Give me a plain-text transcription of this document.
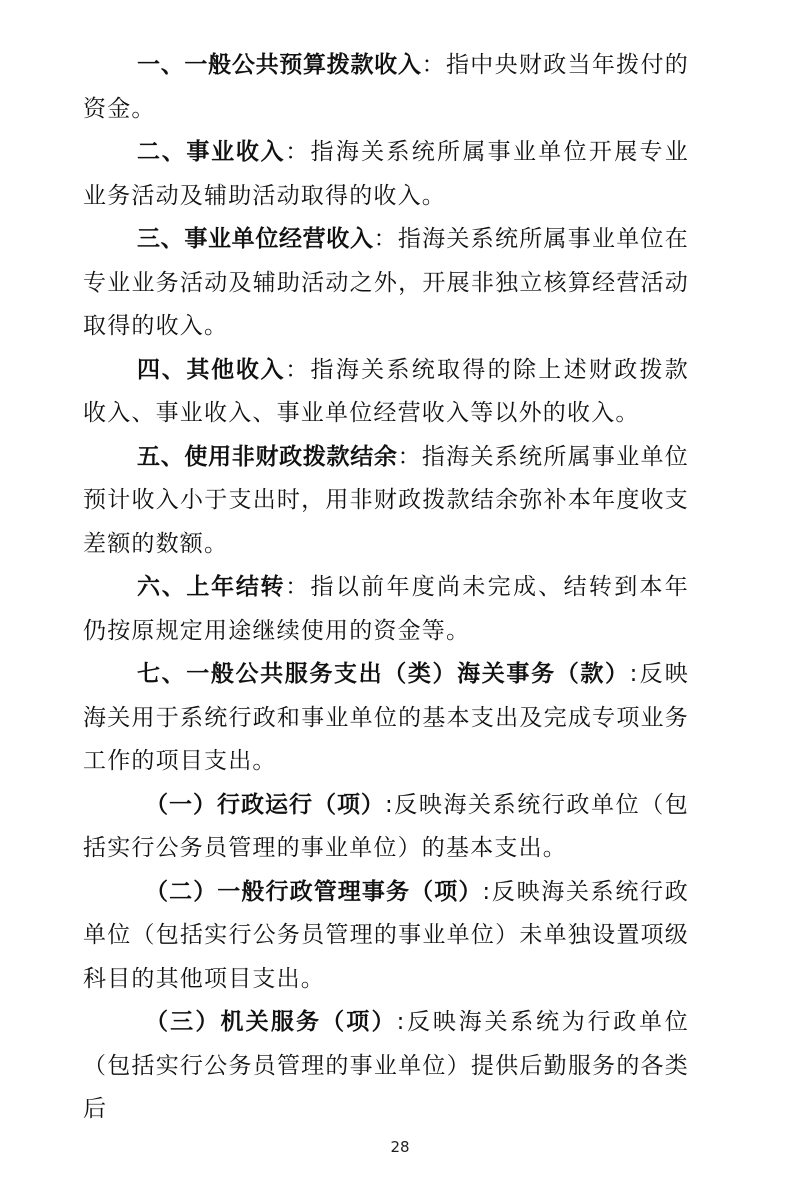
一、一般公共预算拨款收入：指中央财政当年拨付的资金。

二、事业收入：指海关系统所属事业单位开展专业业务活动及辅助活动取得的收入。

三、事业单位经营收入：指海关系统所属事业单位在专业业务活动及辅助活动之外，开展非独立核算经营活动取得的收入。

四、其他收入：指海关系统取得的除上述财政拨款收入、事业收入、事业单位经营收入等以外的收入。

五、使用非财政拨款结余：指海关系统所属事业单位预计收入小于支出时，用非财政拨款结余弥补本年度收支差额的数额。

六、上年结转：指以前年度尚未完成、结转到本年仍按原规定用途继续使用的资金等。

七、一般公共服务支出（类）海关事务（款）:反映海关用于系统行政和事业单位的基本支出及完成专项业务工作的项目支出。

（一）行政运行（项）:反映海关系统行政单位（包括实行公务员管理的事业单位）的基本支出。

（二）一般行政管理事务（项）:反映海关系统行政单位（包括实行公务员管理的事业单位）未单独设置项级科目的其他项目支出。

（三）机关服务（项）:反映海关系统为行政单位（包括实行公务员管理的事业单位）提供后勤服务的各类后

28
